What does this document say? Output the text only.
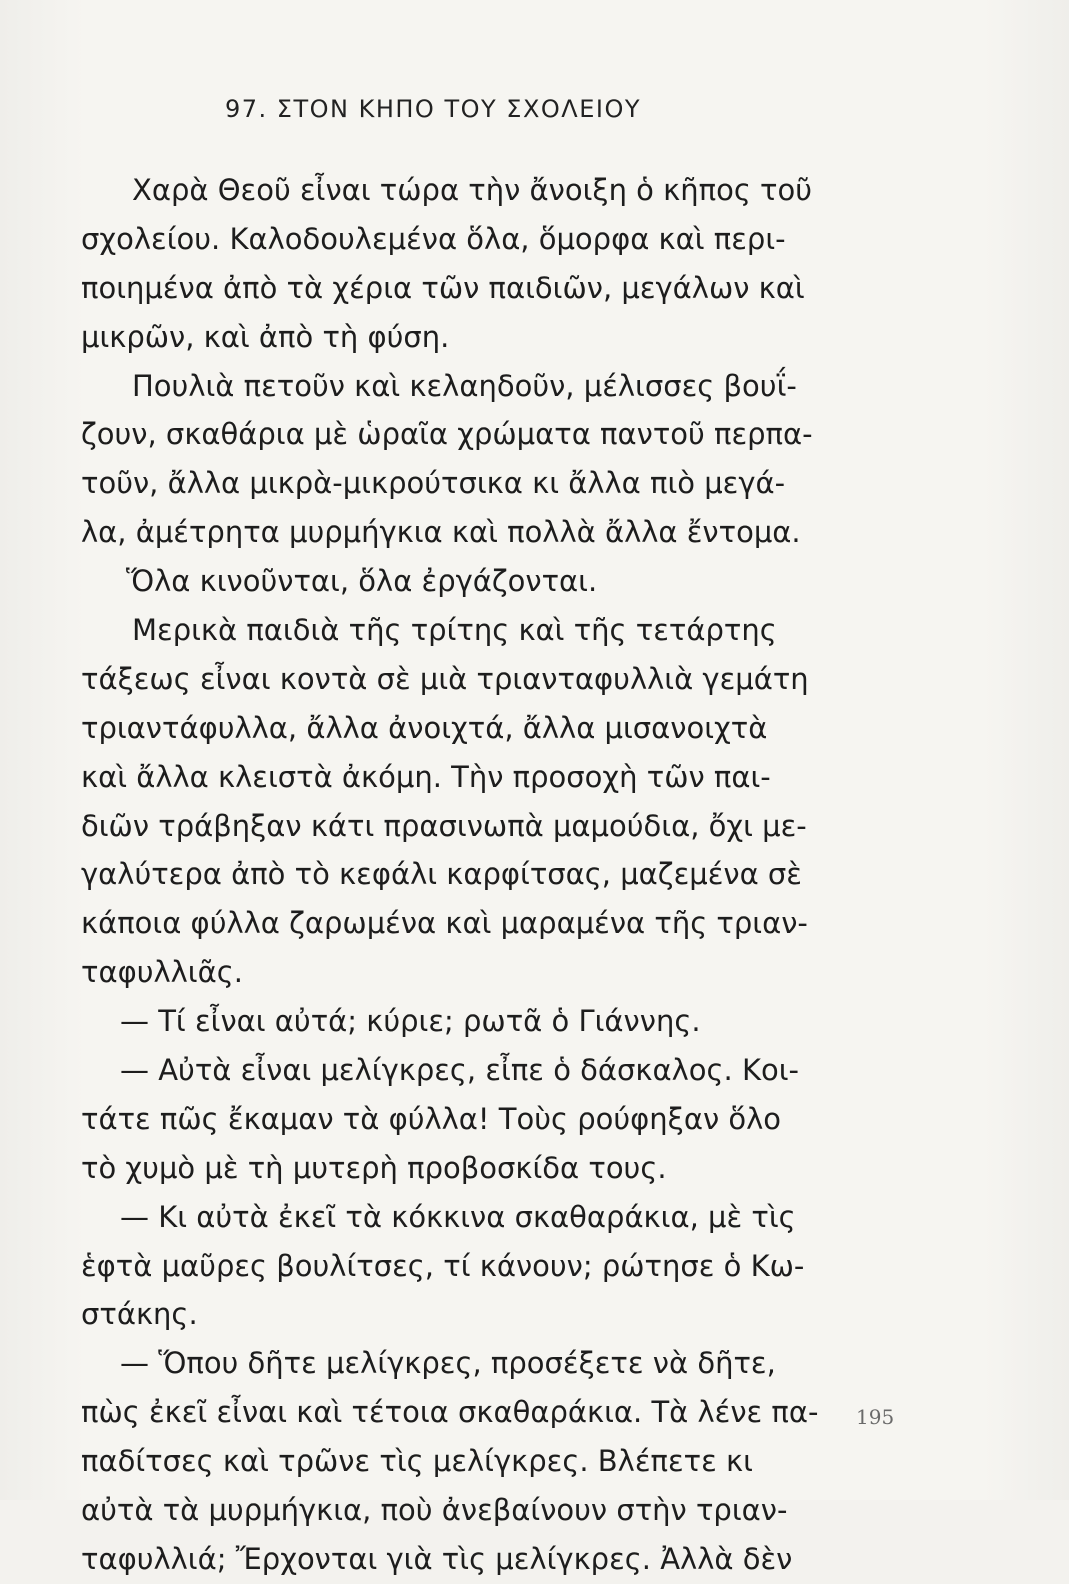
97. ΣΤΟΝ ΚΗΠΟ ΤΟΥ ΣΧΟΛΕΙΟΥ
Χαρὰ Θεοῦ εἶναι τώρα τὴν ἄνοιξη ὁ κῆπος τοῦ
σχολείου. Καλοδουλεμένα ὅλα, ὅμορφα καὶ περι-
ποιημένα ἀπὸ τὰ χέρια τῶν παιδιῶν, μεγάλων καὶ
μικρῶν, καὶ ἀπὸ τὴ φύση.
Πουλιὰ πετοῦν καὶ κελαηδοῦν, μέλισσες βουΐ-
ζουν, σκαθάρια μὲ ὡραῖα χρώματα παντοῦ περπα-
τοῦν, ἄλλα μικρὰ-μικρούτσικα κι ἄλλα πιὸ μεγά-
λα, ἀμέτρητα μυρμήγκια καὶ πολλὰ ἄλλα ἔντομα.
Ὅλα κινοῦνται, ὅλα ἐργάζονται.
Μερικὰ παιδιὰ τῆς τρίτης καὶ τῆς τετάρτης
τάξεως εἶναι κοντὰ σὲ μιὰ τριανταφυλλιὰ γεμάτη
τριαντάφυλλα, ἄλλα ἀνοιχτά, ἄλλα μισανοιχτὰ
καὶ ἄλλα κλειστὰ ἀκόμη. Τὴν προσοχὴ τῶν παι-
διῶν τράβηξαν κάτι πρασινωπὰ μαμούδια, ὄχι με-
γαλύτερα ἀπὸ τὸ κεφάλι καρφίτσας, μαζεμένα σὲ
κάποια φύλλα ζαρωμένα καὶ μαραμένα τῆς τριαν-
ταφυλλιᾶς.
— Τί εἶναι αὐτά; κύριε; ρωτᾶ ὁ Γιάννης.
— Αὐτὰ εἶναι μελίγκρες, εἶπε ὁ δάσκαλος. Κοι-
τάτε πῶς ἔκαμαν τὰ φύλλα! Τοὺς ρούφηξαν ὅλο
τὸ χυμὸ μὲ τὴ μυτερὴ προβοσκίδα τους.
— Κι αὐτὰ ἐκεῖ τὰ κόκκινα σκαθαράκια, μὲ τὶς
ἑφτὰ μαῦρες βουλίτσες, τί κάνουν; ρώτησε ὁ Κω-
στάκης.
— Ὅπου δῆτε μελίγκρες, προσέξετε νὰ δῆτε,
πὼς ἐκεῖ εἶναι καὶ τέτοια σκαθαράκια. Τὰ λένε πα-
παδίτσες καὶ τρῶνε τὶς μελίγκρες. Βλέπετε κι
αὐτὰ τὰ μυρμήγκια, ποὺ ἀνεβαίνουν στὴν τριαν-
ταφυλλιά; Ἔρχονται γιὰ τὶς μελίγκρες. Ἀλλὰ δὲν
195
